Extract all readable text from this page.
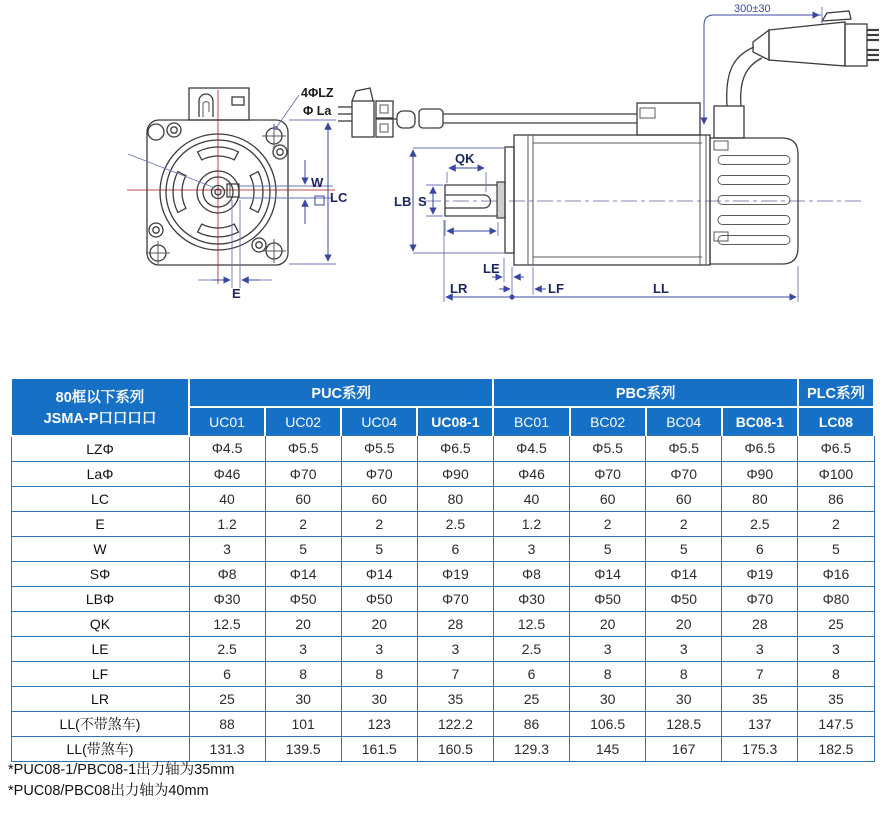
4ΦLZ
Φ La
W
LC
E
300±30
QK
S
LB
LE
LF
LR	LL
80框以下系列
JSMA-P口口口口	PUC系列				PBC系列				PLC系列
	UC01	UC02	UC04	UC08-1	BC01	BC02	BC04	BC08-1	LC08
LZΦ	Φ4.5	Φ5.5	Φ5.5	Φ6.5	Φ4.5	Φ5.5	Φ5.5	Φ6.5	Φ6.5
LaΦ	Φ46	Φ70	Φ70	Φ90	Φ46	Φ70	Φ70	Φ90	Φ100
LC	40	60	60	80	40	60	60	80	86
E	1.2	2	2	2.5	1.2	2	2	2.5	2
W	3	5	5	6	3	5	5	6	5
SΦ	Φ8	Φ14	Φ14	Φ19	Φ8	Φ14	Φ14	Φ19	Φ16
LBΦ	Φ30	Φ50	Φ50	Φ70	Φ30	Φ50	Φ50	Φ70	Φ80
QK	12.5	20	20	28	12.5	20	20	28	25
LE	2.5	3	3	3	2.5	3	3	3	3
LF	6	8	8	7	6	8	8	7	8
LR	25	30	30	35	25	30	30	35	35
LL(不带煞车)	88	101	123	122.2	86	106.5	128.5	137	147.5
LL(带煞车)	131.3	139.5	161.5	160.5	129.3	145	167	175.3	182.5
*PUC08-1/PBC08-1出力轴为35mm
*PUC08/PBC08出力轴为40mm
